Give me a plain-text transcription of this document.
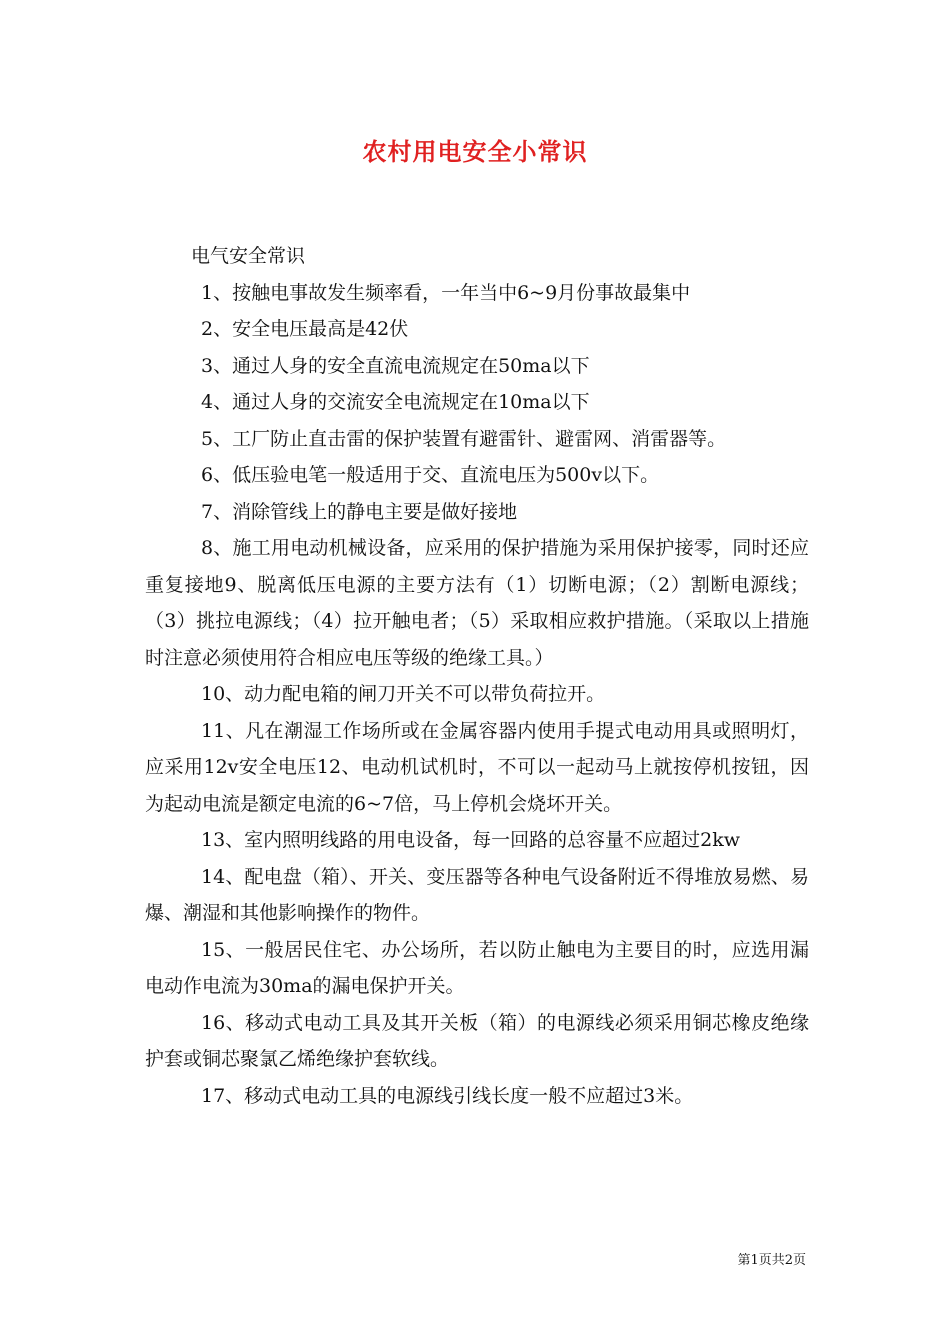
农村用电安全小常识

电气安全常识

1、按触电事故发生频率看，一年当中6~9月份事故最集中

2、安全电压最高是42伏

3、通过人身的安全直流电流规定在50ma以下

4、通过人身的交流安全电流规定在10ma以下

5、工厂防止直击雷的保护装置有避雷针、避雷网、消雷器等。

6、低压验电笔一般适用于交、直流电压为500v以下。

7、消除管线上的静电主要是做好接地

8、施工用电动机械设备，应采用的保护措施为采用保护接零，同时还应重复接地9、脱离低压电源的主要方法有（1）切断电源；（2）割断电源线；（3）挑拉电源线；（4）拉开触电者；（5）采取相应救护措施。（采取以上措施时注意必须使用符合相应电压等级的绝缘工具。）

10、动力配电箱的闸刀开关不可以带负荷拉开。

11、凡在潮湿工作场所或在金属容器内使用手提式电动用具或照明灯，应采用12v安全电压12、电动机试机时，不可以一起动马上就按停机按钮，因为起动电流是额定电流的6~7倍，马上停机会烧坏开关。

13、室内照明线路的用电设备，每一回路的总容量不应超过2kw

14、配电盘（箱）、开关、变压器等各种电气设备附近不得堆放易燃、易爆、潮湿和其他影响操作的物件。

15、一般居民住宅、办公场所，若以防止触电为主要目的时，应选用漏电动作电流为30ma的漏电保护开关。

16、移动式电动工具及其开关板（箱）的电源线必须采用铜芯橡皮绝缘护套或铜芯聚氯乙烯绝缘护套软线。

17、移动式电动工具的电源线引线长度一般不应超过3米。

第1页共2页
